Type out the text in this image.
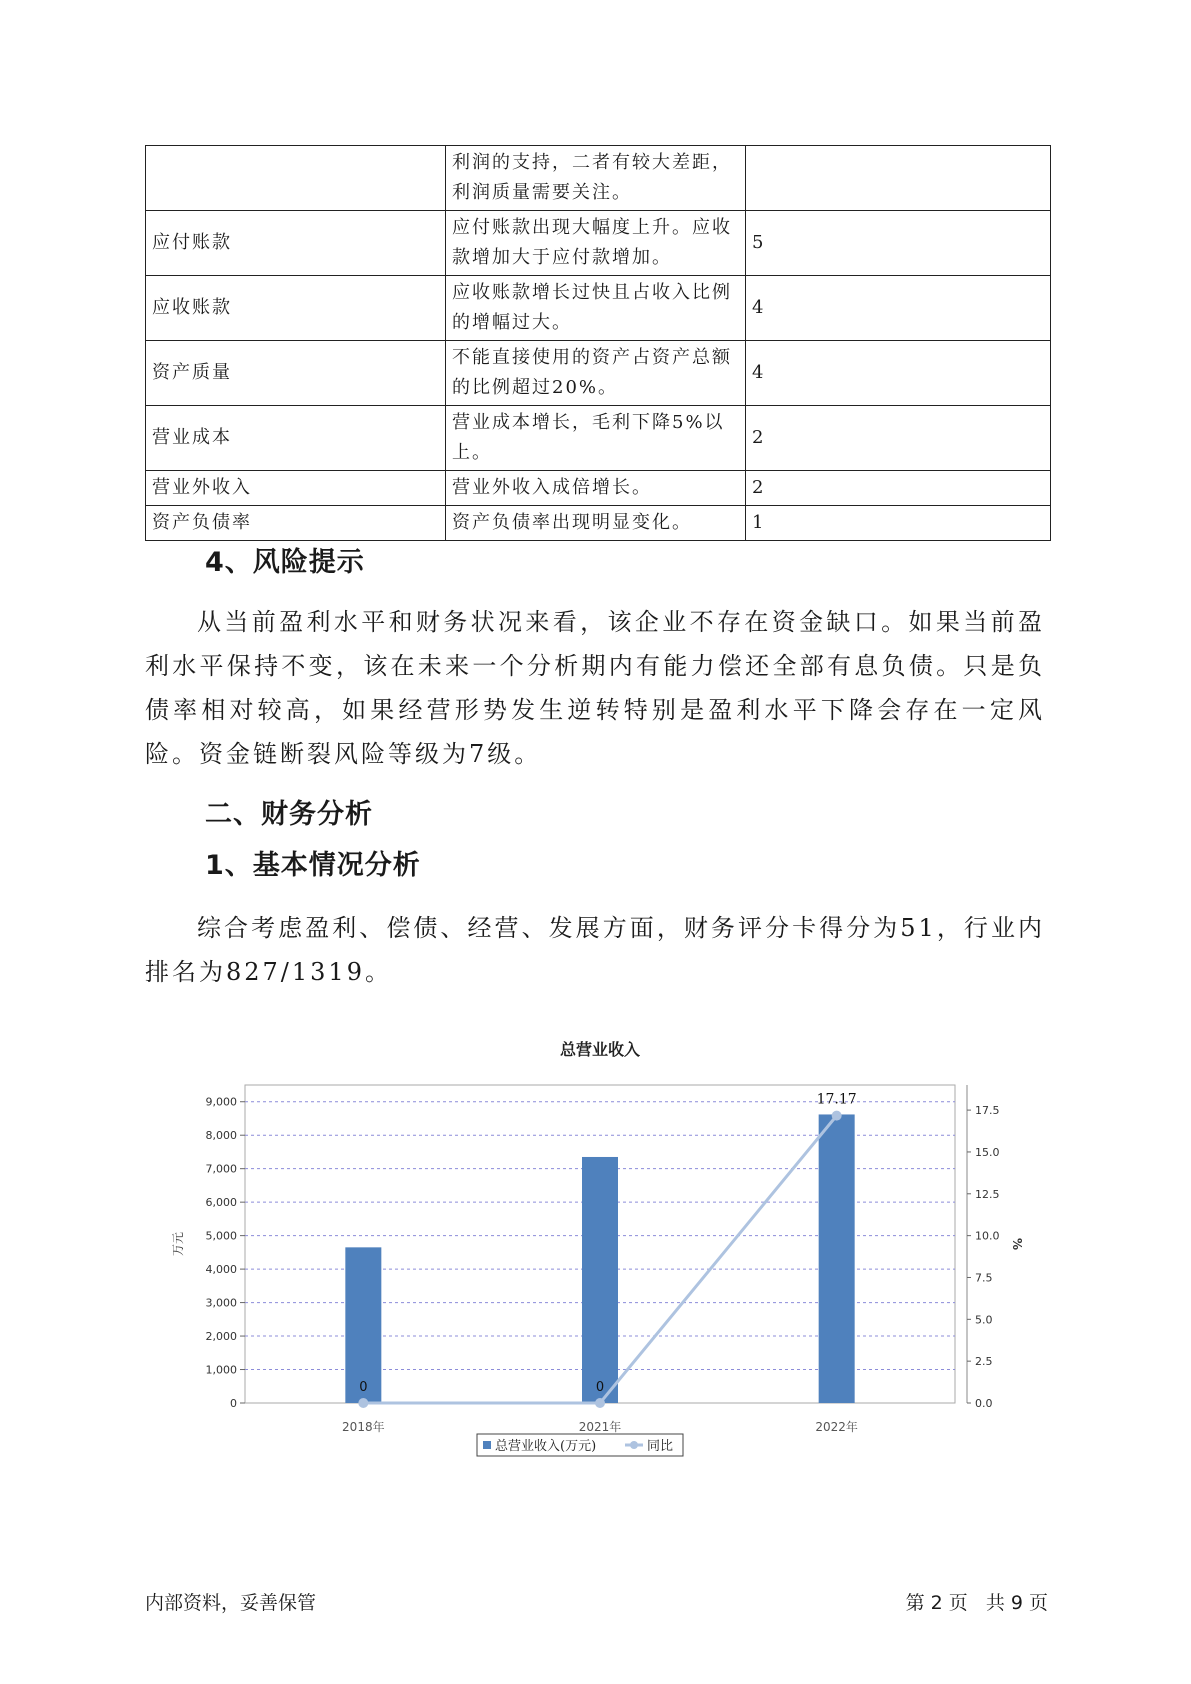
	利润的支持，二者有较大差距，利润质量需要关注。	
应付账款	应付账款出现大幅度上升。应收款增加大于应付款增加。	5
应收账款	应收账款增长过快且占收入比例的增幅过大。	4
资产质量	不能直接使用的资产占资产总额的比例超过20%。	4
营业成本	营业成本增长，毛利下降5%以上。	2
营业外收入	营业外收入成倍增长。	2
资产负债率	资产负债率出现明显变化。	1
4、风险提示
从当前盈利水平和财务状况来看，该企业不存在资金缺口。如果当前盈利水平保持不变，该在未来一个分析期内有能力偿还全部有息负债。只是负债率相对较高，如果经营形势发生逆转特别是盈利水平下降会存在一定风险。资金链断裂风险等级为7级。
二、财务分析
1、基本情况分析
综合考虑盈利、偿债、经营、发展方面，财务评分卡得分为51，行业内排名为827/1319。
总营业收入
0
1,000
2,000
3,000
4,000
5,000
6,000
7,000
8,000
9,000
0.0
2.5
5.0
7.5
10.0
12.5
15.0
17.5
万元	%
2018年	2021年	2022年
0	0
17.17
总营业收入(万元)	同比
内部资料，妥善保管	第 2 页 共 9 页
